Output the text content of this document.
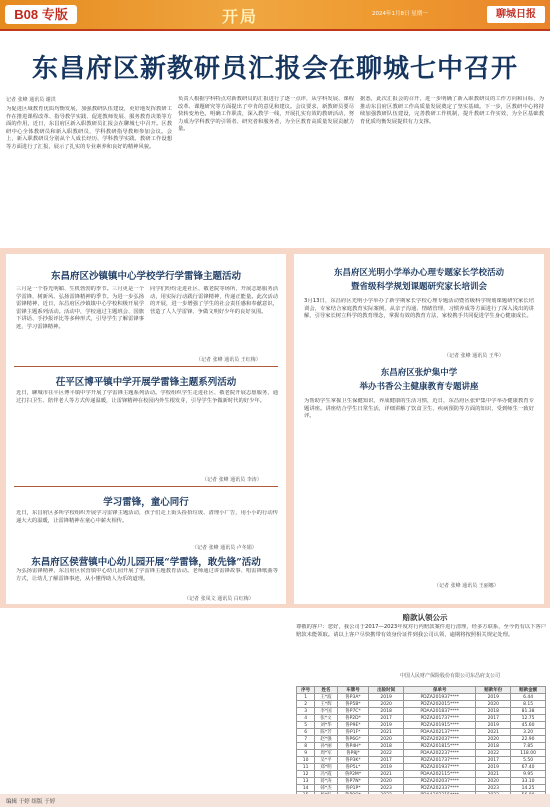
B08 专版	开局	2024年1月8日 星期一	聊城日报
东昌府区新教研员汇报会在聊城七中召开
记者 张峰 通讯员 谢洪
为促进区域教育优质均衡发展，加强教研队伍建设，更好地发挥教研工作在推进课程改革、指导教学实践、促进教师发展、服务教育决策等方面的作用，近日，东昌府区新入职教研员汇报会在聊城七中召开。区教研中心全体教研员和新入职教研员、学科教研指导教师参加会议。会上，新入职教研员分别从个人成长经历、学科教学实践、教研工作设想等方面进行了汇报，展示了扎实的专业素养和良好的精神风貌。
负责人根据学科特点对新教研员的汇报进行了逐一点评，从学科发展、课程改革、课题研究等方面提出了中肯的意见和建议。会议要求，新教研员要尽快转变角色，明确工作职责，深入教学一线，开展扎实有效的教研活动，努力成为学科教学的引领者、研究者和服务者，为全区教育高质量发展贡献力量。
据悉，此次汇报会的召开，进一步明确了新入职教研员的工作方向和目标，为推动东昌府区教研工作高质量发展奠定了坚实基础。下一步，区教研中心将持续加强教研队伍建设，完善教研工作机制，提升教研工作实效，为全区基础教育优质均衡发展提供有力支撑。
东昌府区沙镇镇中心学校学行学雷锋主题活动
三月是一个春光明媚、生机勃勃的季节。三月更是一个学雷锋、树新风、弘扬雷锋精神的季节。为进一步弘扬雷锋精神，近日，东昌府区沙镇镇中心学校积极开展学雷锋主题系列活动。活动中，学校通过主题班会、国旗下讲话、手抄报评比等多种形式，引导学生了解雷锋事迹，学习雷锋精神。
同学们纷纷走进社区、敬老院等场所，开展志愿服务活动，用实际行动践行雷锋精神，传递正能量。此次活动的开展，进一步增强了学生的社会责任感和奉献意识，营造了人人学雷锋、争做文明好少年的良好氛围。
（记者 张峰 通讯员 王红梅）
茌平区博平镇中学开展学雷锋主题系列活动
近日，聊城市茌平区博平镇中学开展了学雷锋主题系列活动。学校组织学生走进社区、敬老院开展志愿服务，通过打扫卫生、陪伴老人等方式传递温暖，让雷锋精神在校园内外生根发芽，引导学生争做新时代的好少年。
（记者 张峰 通讯员 李涛）
学习雷锋，童心同行
近日，东昌府区多所学校组织开展学习雷锋主题活动，孩子们走上街头捡拾垃圾、清理小广告，用小小的行动传递大大的温暖，让雷锋精神在童心中薪火相传。
（记者 张峰 通讯员 卢冬娟）
东昌府区侯营镇中心幼儿园开展“学雷锋，敢先锋”活动
为弘扬雷锋精神，东昌府区侯营镇中心幼儿园开展了学雷锋主题教育活动。老师通过讲雷锋故事、唱雷锋歌曲等方式，让幼儿了解雷锋事迹，从小懂得助人为乐的道理。
（记者 张凤文 通讯员 白红梅）
东昌府区光明小学举办心理专题家长学校活动
暨省级科学规划课题研究家长培训会
3月13日，东昌府区光明小学举办了新学期家长学校心理专题活动暨省级科学规划课题研究家长培训会，专家结合家庭教育实际案例，从亲子沟通、情绪管理、习惯养成等方面进行了深入浅出的讲解，引导家长树立科学的教育理念，掌握有效的教育方法，家校携手共同促进学生身心健康成长。
（记者 张峰 通讯员 王华）
东昌府区张炉集中学
举办书香公主健康教育专题讲座
为帮助学生掌握卫生保健知识，养成健康的生活习惯，近日，东昌府区张炉集中学举办健康教育专题讲座。讲座结合学生日常生活，详细讲解了饮食卫生、疾病预防等方面的知识，受到师生一致好评。
（记者 张峰 通讯员 王丽娜）
赔款认领公示
尊敬的客户：您好，我公司于2017—2023年度对行内赔款案件进行清理，经多方联系，至今仍有以下客户赔款未能领取。请以上客户尽快携带有效身份证件到我公司认领，逾期将按照相关规定处理。
中国人民财产保险股份有限公司东昌府支公司
序号	姓名	车牌号	出险时间	保单号	赔款年份	赔款金额
1	王*波	鲁P3A*	2019	PDZA201937****	2019	6.44
2	王*辉	鲁P5B*	2020	PDZA202015****	2020	8.15
3	李*国	鲁P7C*	2018	PDAA201837****	2018	81.38
4	张*文	鲁P2D*	2017	PDZA201737****	2017	12.75
5	刘*华	鲁P9E*	2019	PDZA201915****	2019	45.60
6	陈*芳	鲁P1F*	2021	PDAA202137****	2021	3.20
7	赵*强	鲁P6G*	2020	PDZA202037****	2020	22.90
8	孙*丽	鲁P4H*	2018	PDZA201815****	2018	7.85
9	周*军	鲁P8J*	2022	PDAA202237****	2022	118.00
10	吴*平	鲁P3K*	2017	PDZA201737****	2017	5.50
11	郑*明	鲁P5L*	2019	PDZA201937****	2019	67.40
12	冯*霞	鲁P2M*	2021	PDAA202115****	2021	9.95
13	蒋*涛	鲁P7N*	2020	PDZA202037****	2020	33.10
14	韩*杰	鲁P1P*	2023	PDZA202337****	2023	14.25

编辑 于婷 组版 于婷
